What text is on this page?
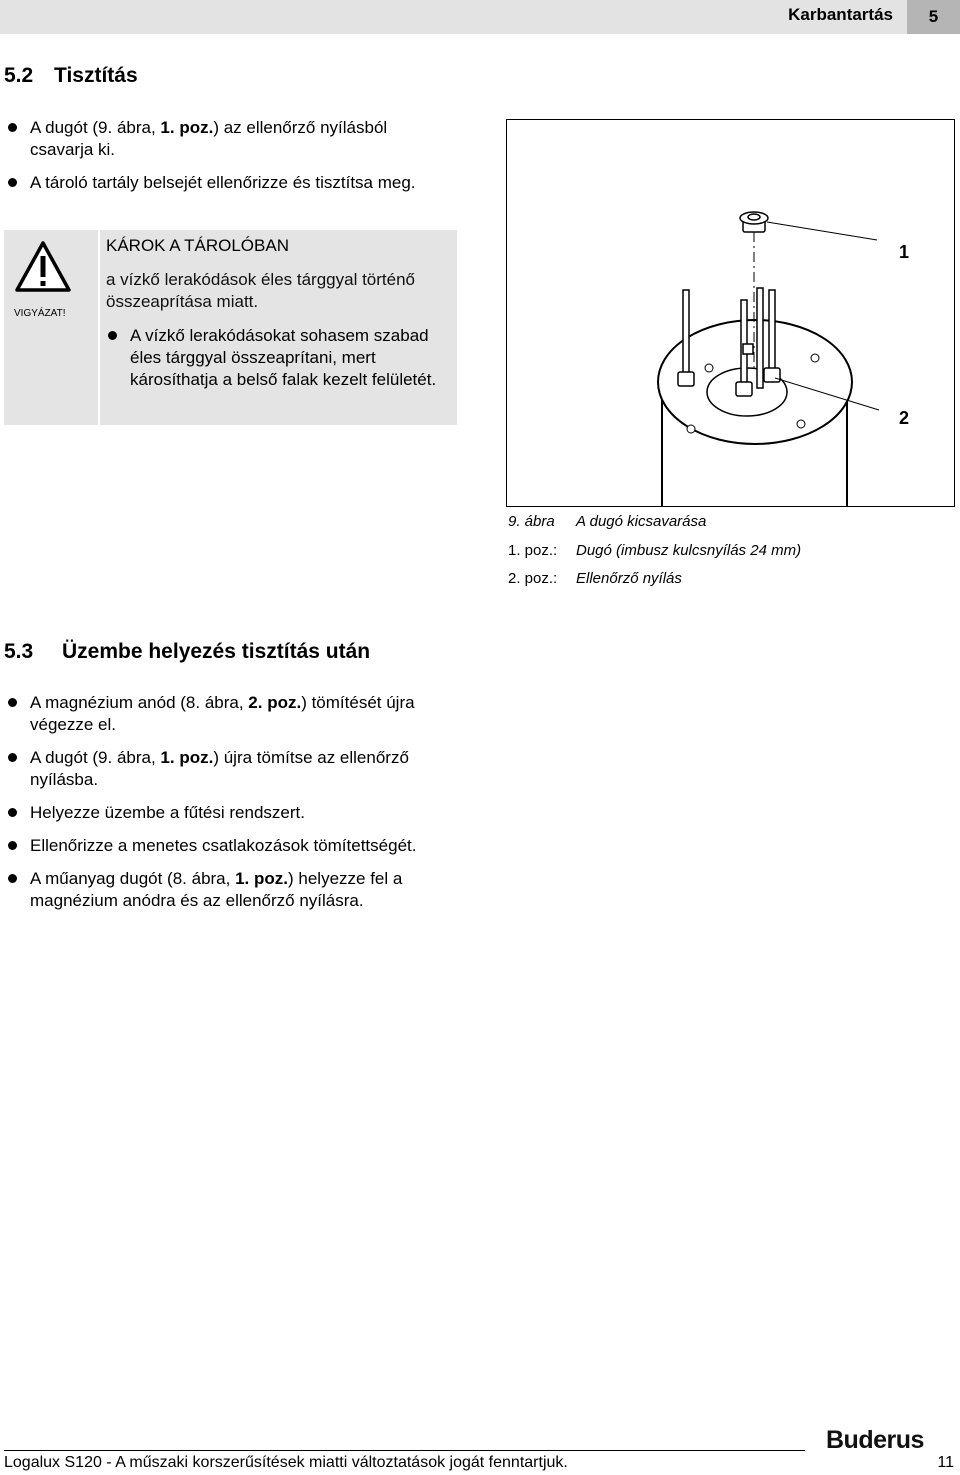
Karbantartás	5
5.2 Tisztítás
A dugót (9. ábra, 1. poz.) az ellenőrző nyílásból csavarja ki.
A tároló tartály belsejét ellenőrizze és tisztítsa meg.
VIGYÁZAT!
KÁROK A TÁROLÓBAN
a vízkő lerakódások éles tárggyal történő összeaprítása miatt.
A vízkő lerakódásokat sohasem szabad éles tárggyal összeaprítani, mert károsíthatja a belső falak kezelt felületét.
1
2
9. ábra	A dugó kicsavarása
1. poz.:	Dugó (imbusz kulcsnyílás 24 mm)
2. poz.:	Ellenőrző nyílás
5.3 Üzembe helyezés tisztítás után
A magnézium anód (8. ábra, 2. poz.) tömítését újra végezze el.
A dugót (9. ábra, 1. poz.) újra tömítse az ellenőrző nyílásba.
Helyezze üzembe a fűtési rendszert.
Ellenőrizze a menetes csatlakozások tömítettségét.
A műanyag dugót (8. ábra, 1. poz.) helyezze fel a magnézium anódra és az ellenőrző nyílásra.
Buderus
Logalux S120 - A műszaki korszerűsítések miatti változtatások jogát fenntartjuk.	11
